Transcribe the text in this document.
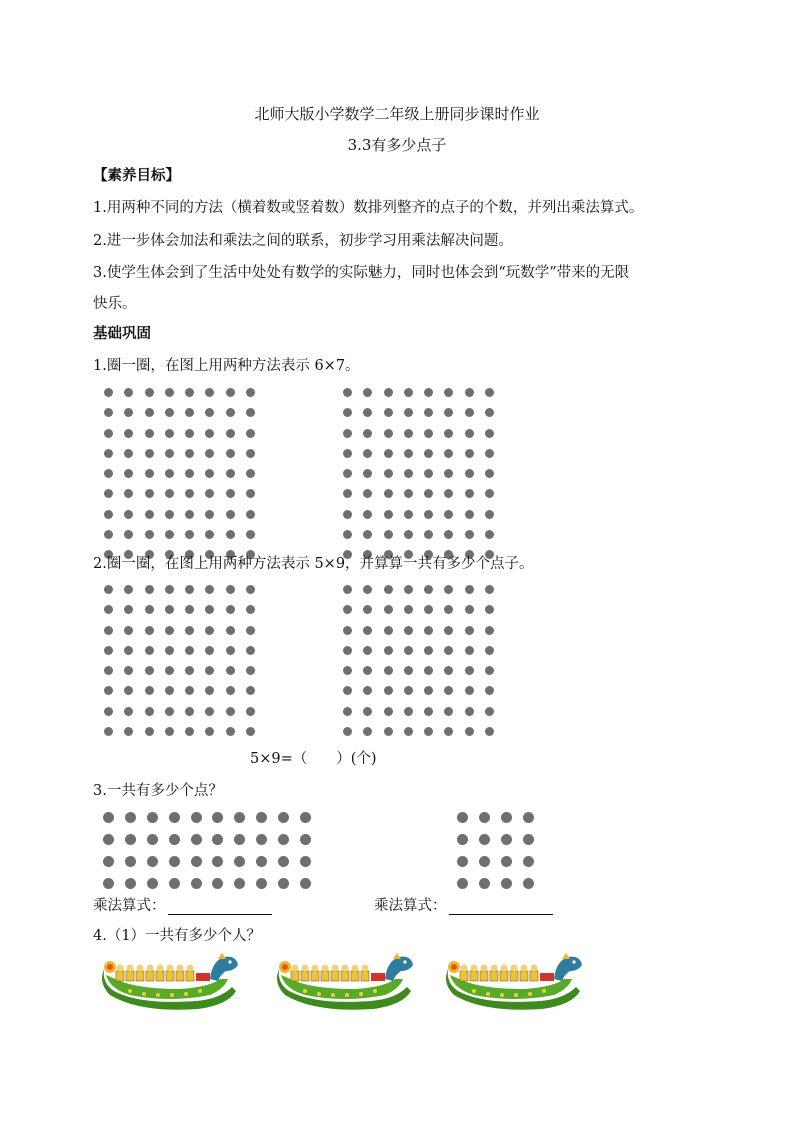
北师大版小学数学二年级上册同步课时作业
3.3有多少点子
【素养目标】
1.用两种不同的方法（横着数或竖着数）数排列整齐的点子的个数，并列出乘法算式。
2.进一步体会加法和乘法之间的联系，初步学习用乘法解决问题。
3.使学生体会到了生活中处处有数学的实际魅力，同时也体会到“玩数学”带来的无限
快乐。
基础巩固
1.圈一圈，在图上用两种方法表示 6×7。
2.圈一圈，在图上用两种方法表示 5×9，并算算一共有多少个点子。
5×9=（　　）(个)
3.一共有多少个点？
乘法算式：	乘法算式：
4.（1）一共有多少个人？
